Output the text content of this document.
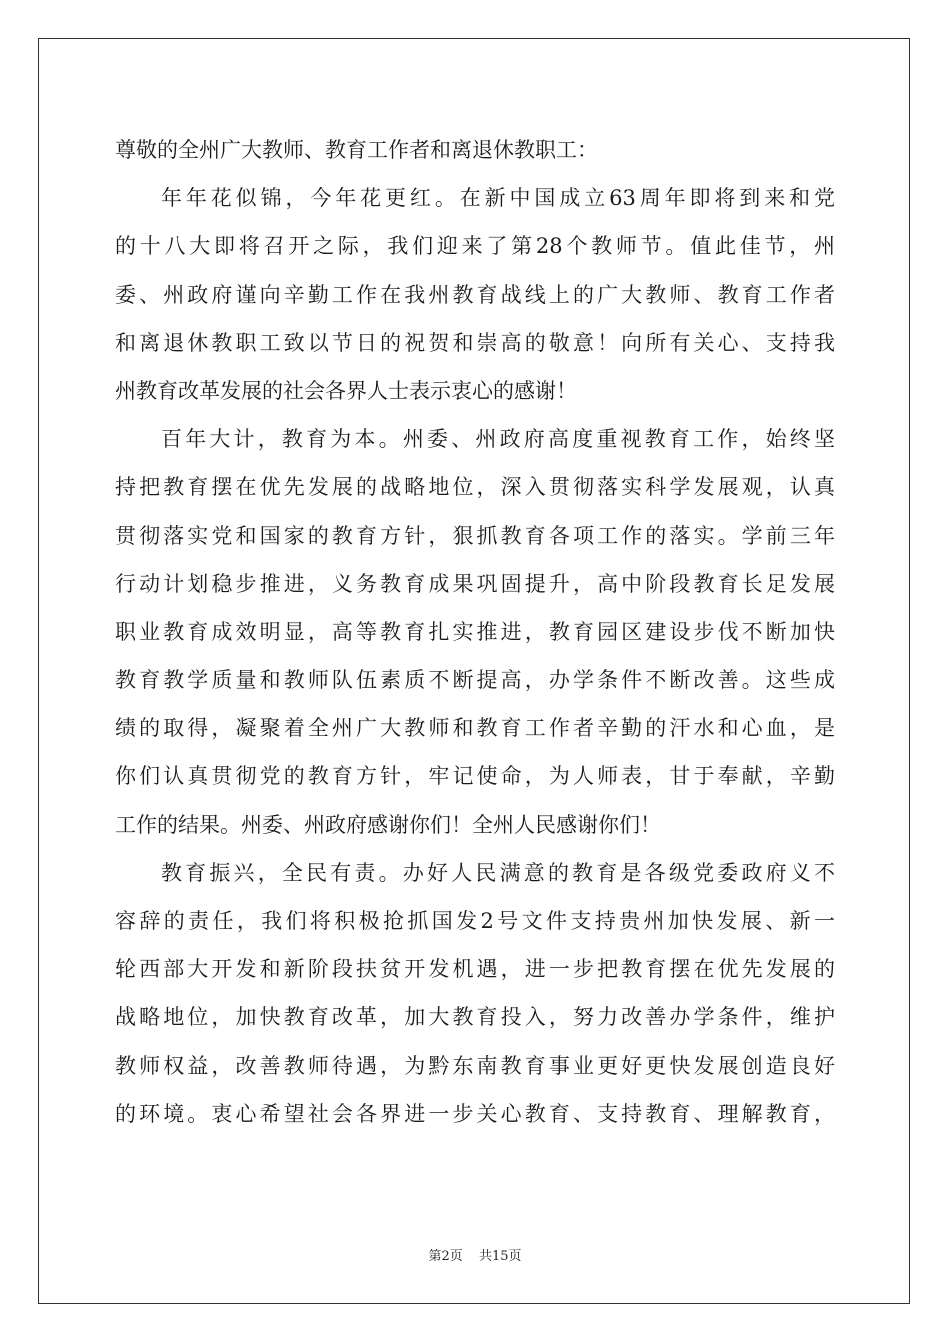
尊敬的全州广大教师、教育工作者和离退休教职工：
年年花似锦，今年花更红。在新中国成立63周年即将到来和党
的十八大即将召开之际，我们迎来了第28个教师节。值此佳节，州
委、州政府谨向辛勤工作在我州教育战线上的广大教师、教育工作者
和离退休教职工致以节日的祝贺和崇高的敬意！向所有关心、支持我
州教育改革发展的社会各界人士表示衷心的感谢！
百年大计，教育为本。州委、州政府高度重视教育工作，始终坚
持把教育摆在优先发展的战略地位，深入贯彻落实科学发展观，认真
贯彻落实党和国家的教育方针，狠抓教育各项工作的落实。学前三年
行动计划稳步推进，义务教育成果巩固提升，高中阶段教育长足发展
职业教育成效明显，高等教育扎实推进，教育园区建设步伐不断加快
教育教学质量和教师队伍素质不断提高，办学条件不断改善。这些成
绩的取得，凝聚着全州广大教师和教育工作者辛勤的汗水和心血，是
你们认真贯彻党的教育方针，牢记使命，为人师表，甘于奉献，辛勤
工作的结果。州委、州政府感谢你们！全州人民感谢你们！
教育振兴，全民有责。办好人民满意的教育是各级党委政府义不
容辞的责任，我们将积极抢抓国发2号文件支持贵州加快发展、新一
轮西部大开发和新阶段扶贫开发机遇，进一步把教育摆在优先发展的
战略地位，加快教育改革，加大教育投入，努力改善办学条件，维护
教师权益，改善教师待遇，为黔东南教育事业更好更快发展创造良好
的环境。衷心希望社会各界进一步关心教育、支持教育、理解教育，
第2页 共15页
